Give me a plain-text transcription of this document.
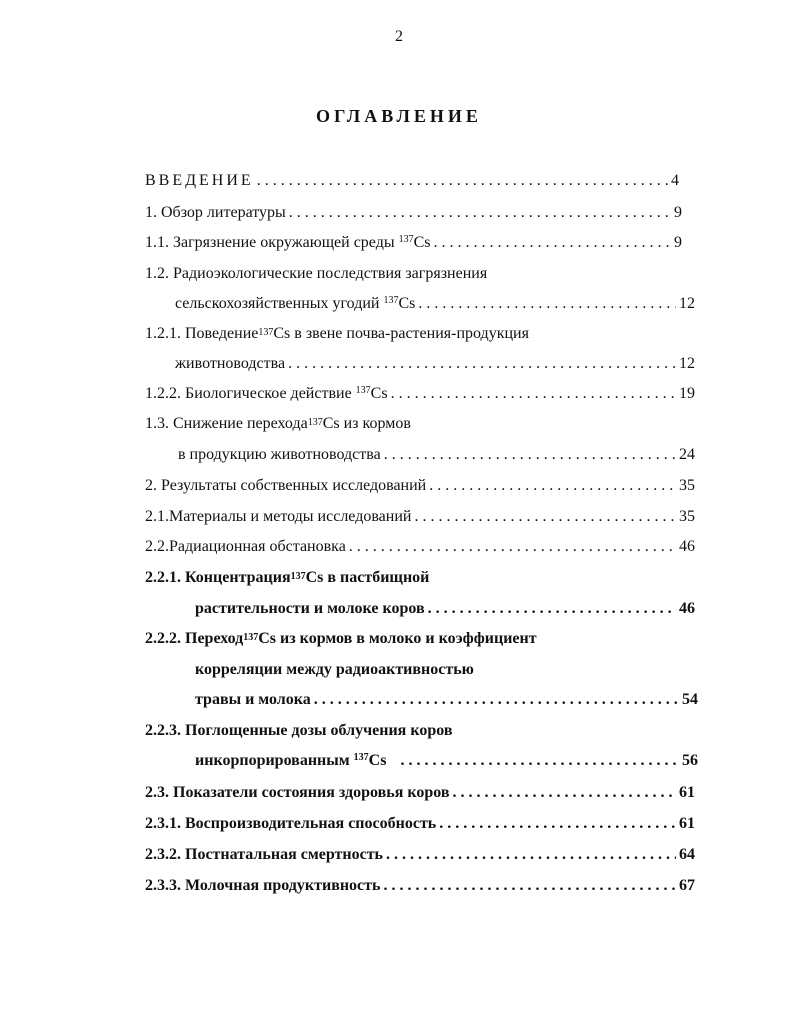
2
ОГЛАВЛЕНИЕ
ВВЕДЕНИЕ . . .	4
1. Обзор литературы . . .	9
1.1. Загрязнение окружающей среды $^{137}$Cs . . .	9
1.2. Радиоэкологические последствия загрязнения
сельскохозяйственных угодий $^{137}$Cs . . .	12
1.2.1. Поведение $^{137}$ Cs в звене почва-растения-продукция
животноводства . . .	12
1.2.2. Биологическое действие $^{137}$Cs . . .	19
1.3. Снижение перехода $^{137}$ Cs из кормов
в продукцию животноводства . . .	24
2. Результаты собственных исследований . . .	35
2.1. Материалы и методы исследований . . .	35
2.2. Радиационная обстановка . . .	46
2.2.1. Концентрация $^{137}$ Cs в пастбищной
растительности и молоке коров . . .	46
2.2.2. Переход $^{137}$ Cs из кормов в молоко и коэффициент
корреляции между радиоактивностью
травы и молока . . .	54
2.2.3. Поглощенные дозы облучения коров
инкорпорированным $^{137}$Cs . . .	56
2.3. Показатели состояния здоровья коров . . .	61
2.3.1. Воспроизводительная способность . . .	61
2.3.2. Постнатальная смертность . . .	64
2.3.3. Молочная продуктивность . . .	67
